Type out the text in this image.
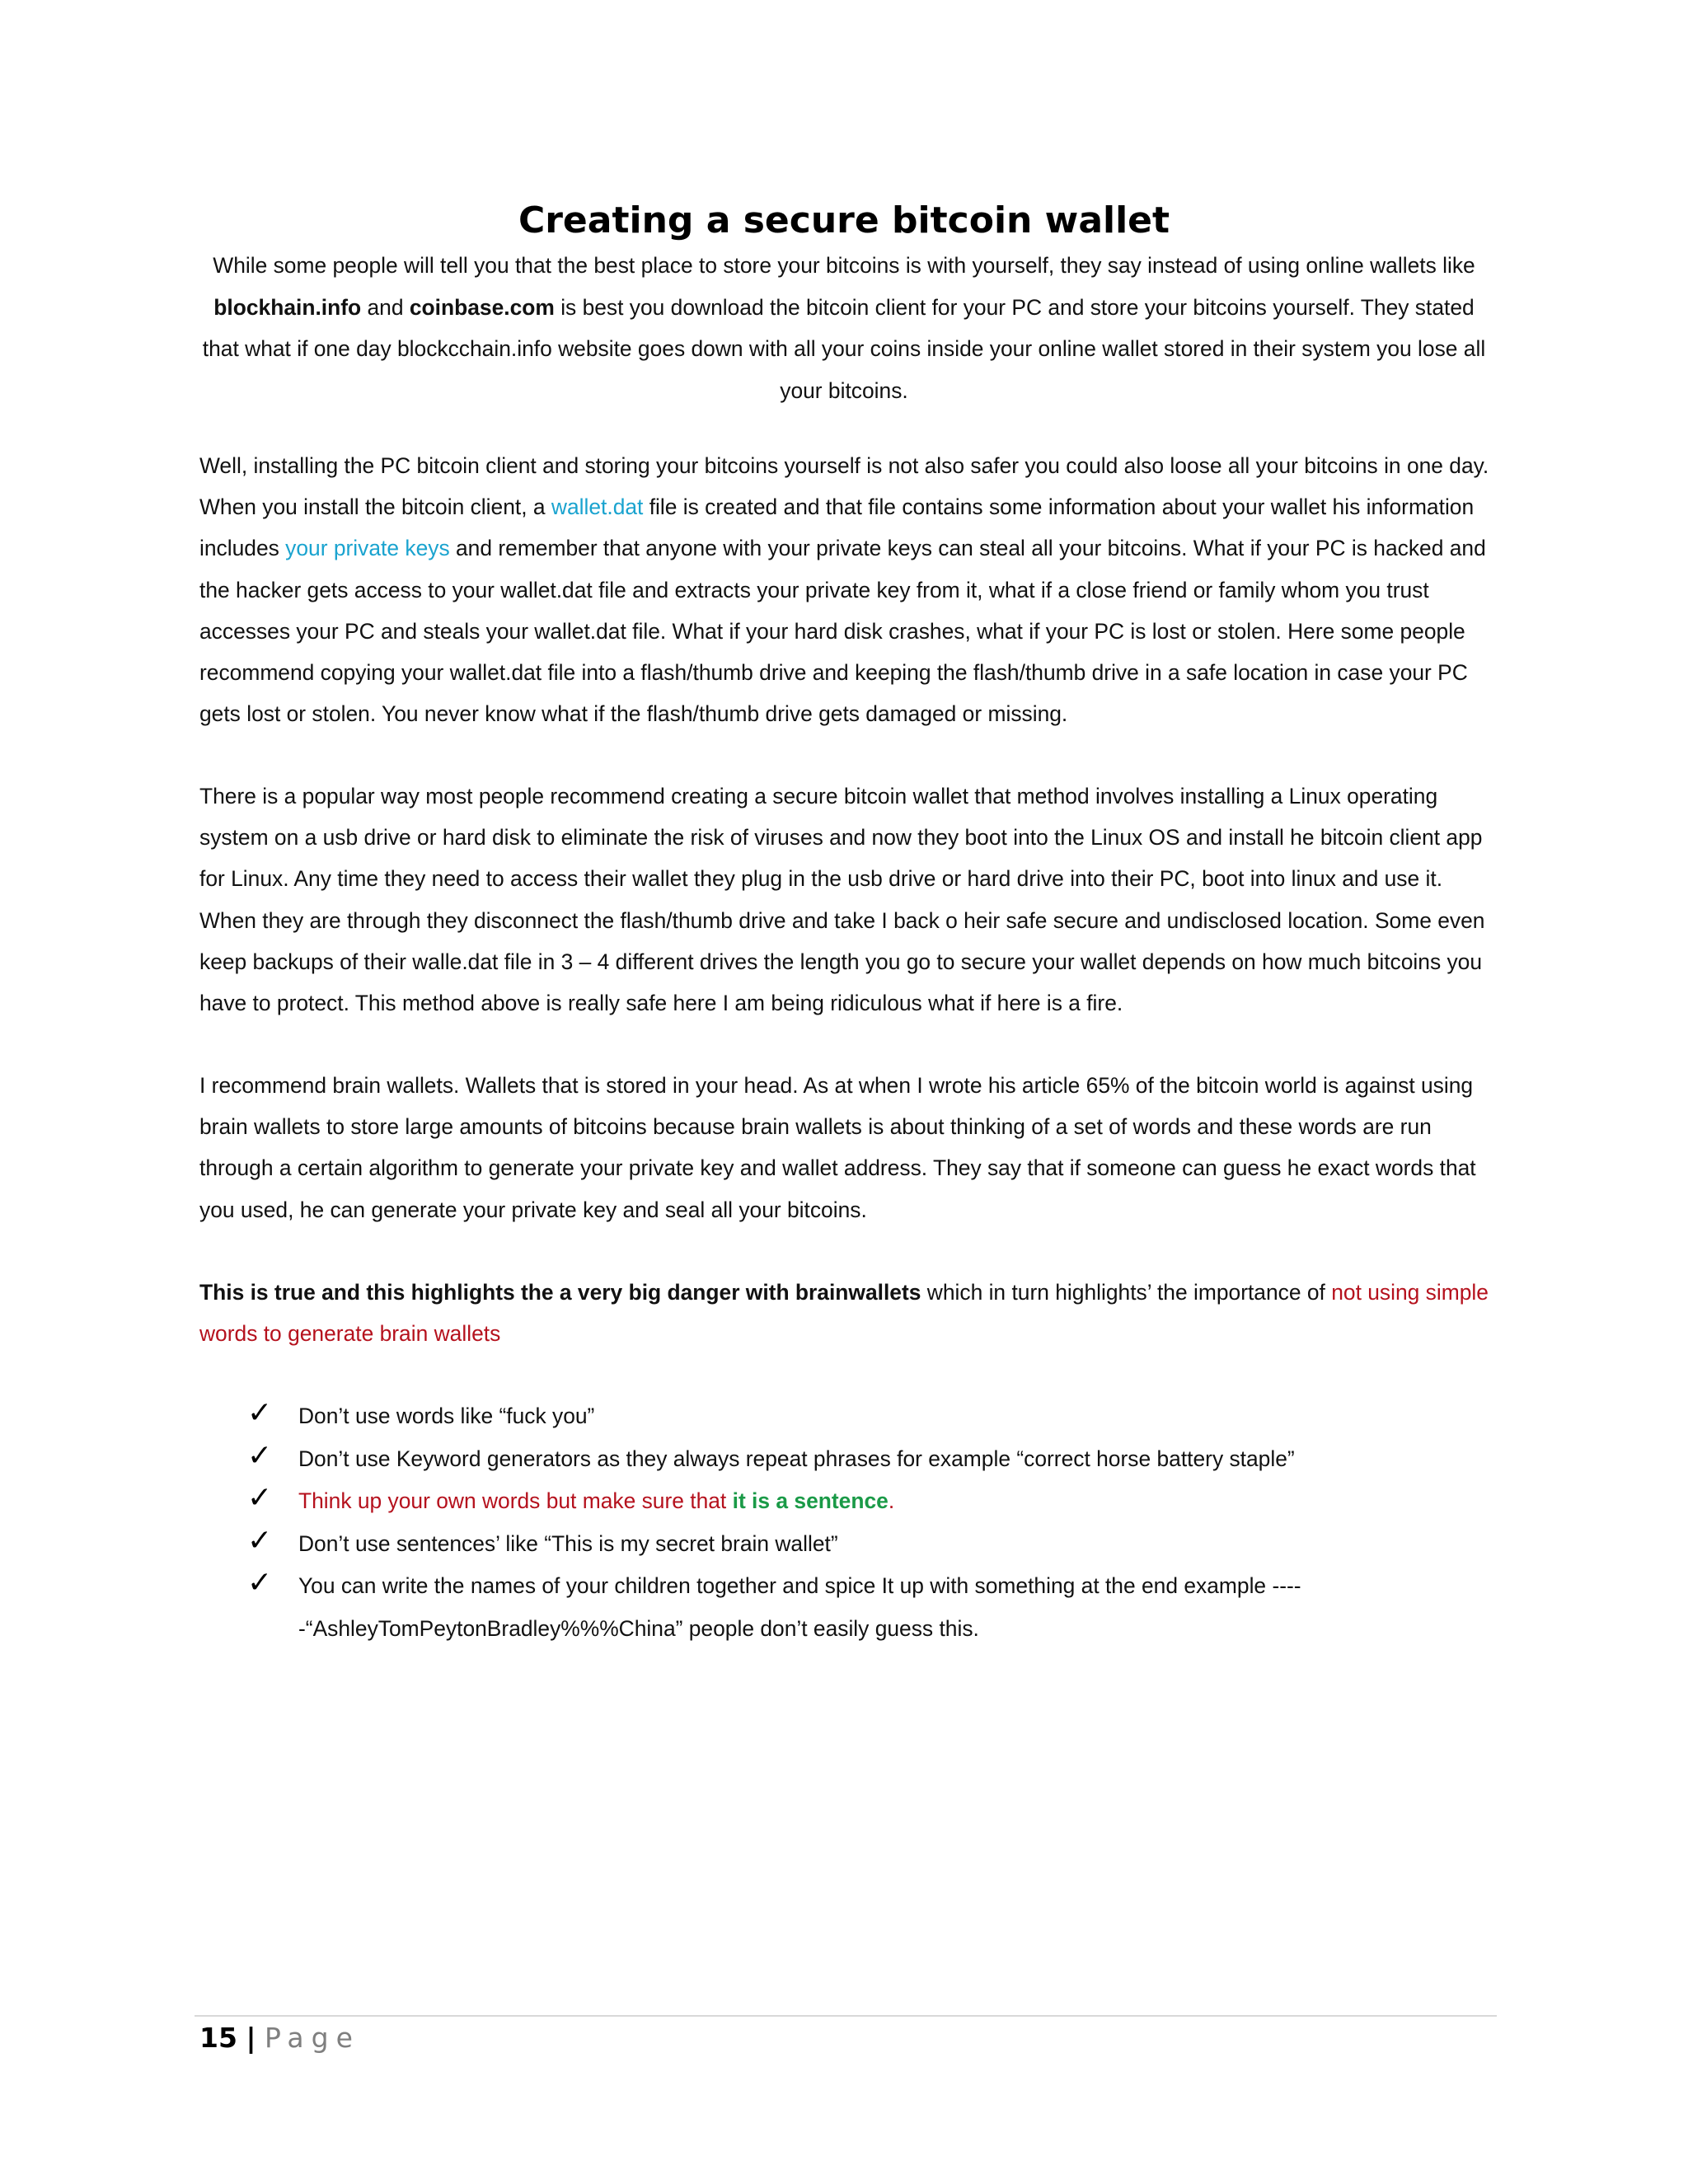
Creating a secure bitcoin wallet

While some people will tell you that the best place to store your bitcoins is with yourself, they say instead of using online wallets like blockhain.info and coinbase.com is best you download the bitcoin client for your PC and store your bitcoins yourself. They stated that what if one day blockcchain.info website goes down with all your coins inside your online wallet stored in their system you lose all your bitcoins.

Well, installing the PC bitcoin client and storing your bitcoins yourself is not also safer you could also loose all your bitcoins in one day. When you install the bitcoin client, a wallet.dat file is created and that file contains some information about your wallet his information includes your private keys and remember that anyone with your private keys can steal all your bitcoins. What if your PC is hacked and the hacker gets access to your wallet.dat file and extracts your private key from it, what if a close friend or family whom you trust accesses your PC and steals your wallet.dat file. What if your hard disk crashes, what if your PC is lost or stolen. Here some people recommend copying your wallet.dat file into a flash/thumb drive and keeping the flash/thumb drive in a safe location in case your PC gets lost or stolen. You never know what if the flash/thumb drive gets damaged or missing.

There is a popular way most people recommend creating a secure bitcoin wallet that method involves installing a Linux operating system on a usb drive or hard disk to eliminate the risk of viruses and now they boot into the Linux OS and install he bitcoin client app for Linux. Any time they need to access their wallet they plug in the usb drive or hard drive into their PC, boot into linux and use it. When they are through they disconnect the flash/thumb drive and take I back o heir safe secure and undisclosed location. Some even keep backups of their walle.dat file in 3 – 4 different drives the length you go to secure your wallet depends on how much bitcoins you have to protect. This method above is really safe here I am being ridiculous what if here is a fire.

I recommend brain wallets. Wallets that is stored in your head. As at when I wrote his article 65% of the bitcoin world is against using brain wallets to store large amounts of bitcoins because brain wallets is about thinking of a set of words and these words are run through a certain algorithm to generate your private key and wallet address. They say that if someone can guess he exact words that you used, he can generate your private key and seal all your bitcoins.

This is true and this highlights the a very big danger with brainwallets which in turn highlights’ the importance of not using simple words to generate brain wallets

✓ Don’t use words like “fuck you”
✓ Don’t use Keyword generators as they always repeat phrases for example “correct horse battery staple”
✓ Think up your own words but make sure that it is a sentence.
✓ Don’t use sentences’ like “This is my secret brain wallet”
✓ You can write the names of your children together and spice It up with something at the end example -----“AshleyTomPeytonBradley%%%China” people don’t easily guess this.
15 | Page
